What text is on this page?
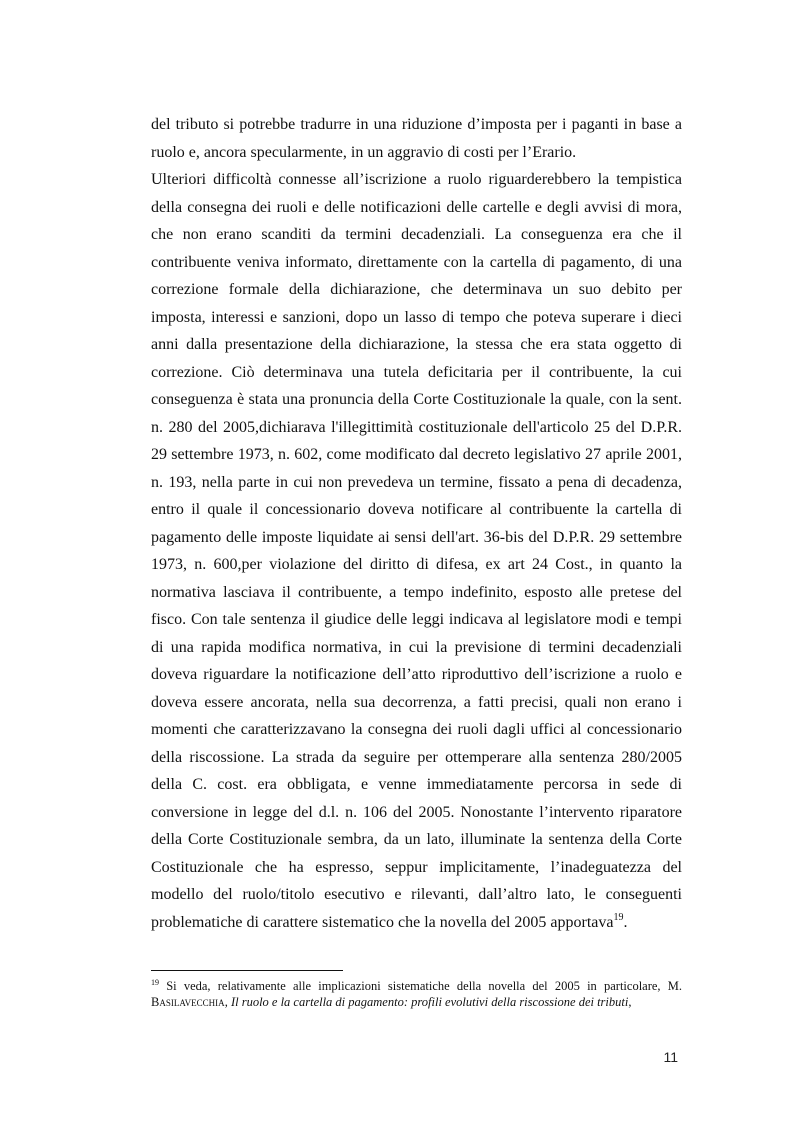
del tributo si potrebbe tradurre in una riduzione d’imposta per i paganti in base a ruolo e, ancora specularmente, in un aggravio di costi per l’Erario.

Ulteriori difficoltà connesse all’iscrizione a ruolo riguarderebbero la tempistica della consegna dei ruoli e delle notificazioni delle cartelle e degli avvisi di mora, che non erano scanditi da termini decadenziali. La conseguenza era che il contribuente veniva informato, direttamente con la cartella di pagamento, di una correzione formale della dichiarazione, che determinava un suo debito per imposta, interessi e sanzioni, dopo un lasso di tempo che poteva superare i dieci anni dalla presentazione della dichiarazione, la stessa che era stata oggetto di correzione. Ciò determinava una tutela deficitaria per il contribuente, la cui conseguenza è stata una pronuncia della Corte Costituzionale la quale, con la sent. n. 280 del 2005,dichiarava l'illegittimità costituzionale dell'articolo 25 del D.P.R. 29 settembre 1973, n. 602, come modificato dal decreto legislativo 27 aprile 2001, n. 193, nella parte in cui non prevedeva un termine, fissato a pena di decadenza, entro il quale il concessionario doveva notificare al contribuente la cartella di pagamento delle imposte liquidate ai sensi dell'art. 36-bis del D.P.R. 29 settembre 1973, n. 600,per violazione del diritto di difesa, ex art 24 Cost., in quanto la normativa lasciava il contribuente, a tempo indefinito, esposto alle pretese del fisco. Con tale sentenza il giudice delle leggi indicava al legislatore modi e tempi di una rapida modifica normativa, in cui la previsione di termini decadenziali doveva riguardare la notificazione dell’atto riproduttivo dell’iscrizione a ruolo e doveva essere ancorata, nella sua decorrenza, a fatti precisi, quali non erano i momenti che caratterizzavano la consegna dei ruoli dagli uffici al concessionario della riscossione. La strada da seguire per ottemperare alla sentenza 280/2005 della C. cost. era obbligata, e venne immediatamente percorsa in sede di conversione in legge del d.l. n. 106 del 2005. Nonostante l’intervento riparatore della Corte Costituzionale sembra, da un lato, illuminate la sentenza della Corte Costituzionale che ha espresso, seppur implicitamente, l’inadeguatezza del modello del ruolo/titolo esecutivo e rilevanti, dall’altro lato, le conseguenti problematiche di carattere sistematico che la novella del 2005 apportava$^{19}$.

$^{19}$ Si veda, relativamente alle implicazioni sistematiche della novella del 2005 in particolare, M. Basilavecchia, Il ruolo e la cartella di pagamento: profili evolutivi della riscossione dei tributi,

11
